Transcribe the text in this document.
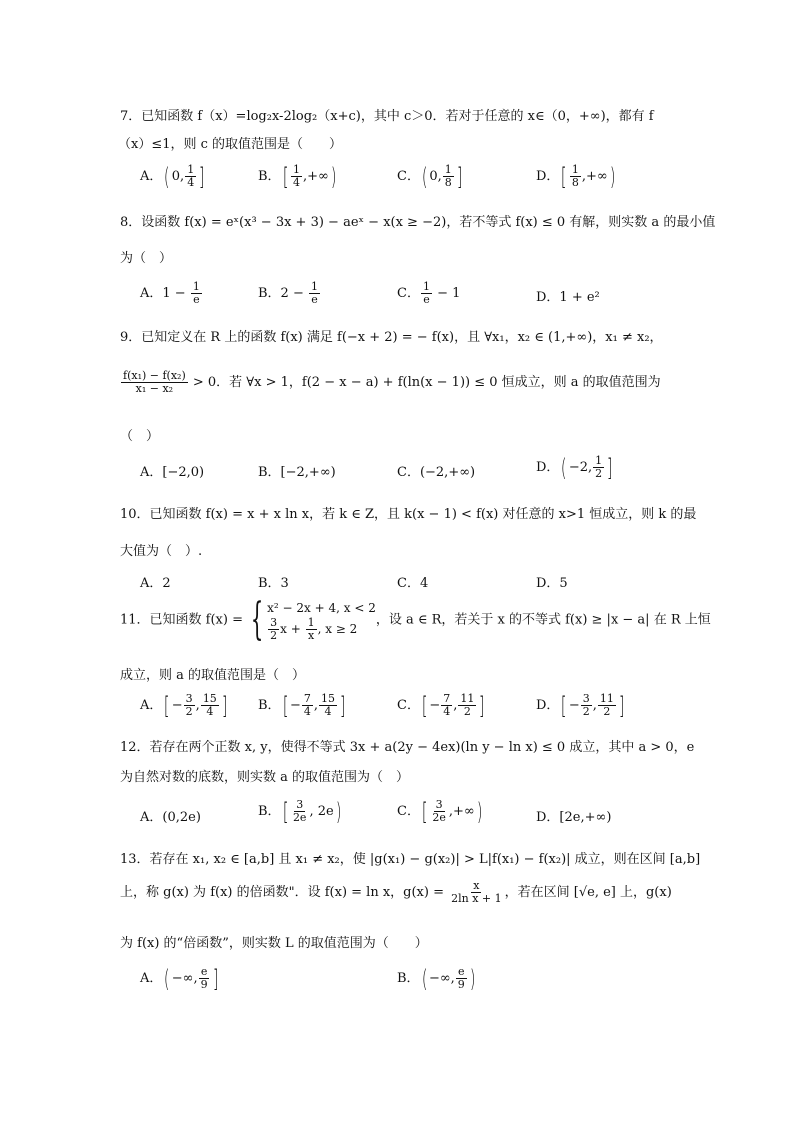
7．已知函数 f（x）=log₂x-2log₂（x+c)，其中 c＞0．若对于任意的 x∈（0，+∞)，都有 f
（x）≤1，则 c 的取值范围是（　　）
A．( 0, $\frac{1}{4}$ ]	B．[ $\frac{1}{4}$ ,+∞)	C．( 0, $\frac{1}{8}$ ]	D．[ $\frac{1}{8}$ ,+∞)
8．设函数 f(x) = eˣ(x³ − 3x + 3) − aeˣ − x(x ≥ −2)，若不等式 f(x) ≤ 0 有解，则实数 a 的最小值
为（　）
A．$1 - \frac{1}{e}$	B．$2 - \frac{1}{e}$	C． $\frac{1}{e} - 1$	D．1 + e²
9．已知定义在 R 上的函数 f(x) 满足 f(−x + 2) = − f(x)，且 ∀x₁，x₂ ∈ (1,+∞)，x₁ ≠ x₂，
$\frac{\text{f(x₁) − f(x₂)}}{\text{x₁ − x₂}} > 0$．若 ∀x > 1，f(2 − x − a) + f(ln(x − 1)) ≤ 0 恒成立，则 a 的取值范围为
（　）
A．[−2,0)	B．[−2,+∞)	C．(−2,+∞)	D．( −2, $\frac{1}{2}$ ]
10．已知函数 f(x) = x + x ln x，若 k ∈ Z，且 k(x − 1) < f(x) 对任意的 x>1 恒成立，则 k 的最
大值为（　）.
A．2	B．3	C．4	D．5
11．已知函数 f(x) = { x² − 2x + 4, x < 2
$\frac{3}{2}$ $x + \frac{1}{x}$ , x ≥ 2
，设 a ∈ R，若关于 x 的不等式 f(x) ≥ |x − a| 在 R 上恒
成立，则 a 的取值范围是（　）
A．[ − $\frac{3}{2}$ , $\frac{15}{4}$ ] B．[ − $\frac{7}{4}$ , $\frac{15}{4}$ ]	C．[ − $\frac{7}{4}$ , $\frac{11}{2}$ ]	D．[ − $\frac{3}{2}$ , $\frac{11}{2}$ ]
12．若存在两个正数 x, y，使得不等式 3x + a(2y − 4ex)(ln y − ln x) ≤ 0 成立，其中 a > 0，e
为自然对数的底数，则实数 a 的取值范围为（　）
A．(0,2e)	B．[ $\frac{3}{2e}$ , 2e)	C．[ $\frac{3}{2e}$ ,+∞)	D．[2e,+∞)
13．若存在 x₁, x₂ ∈ [a,b] 且 x₁ ≠ x₂，使 |g(x₁) − g(x₂)| > L|f(x₁) − f(x₂)| 成立，则在区间 [a,b]
上，称 g(x) 为 f(x) 的倍函数"．设 f(x) = ln x，$g(x) = \frac{x}{\text{2ln x + 1}}$ ，若在区间 [√e, e] 上，g(x)
为 f(x) 的“倍函数”，则实数 L 的取值范围为（　　）
A．( −∞, $\frac{e}{9}$ ]	B．( −∞, $\frac{e}{9}$ )
